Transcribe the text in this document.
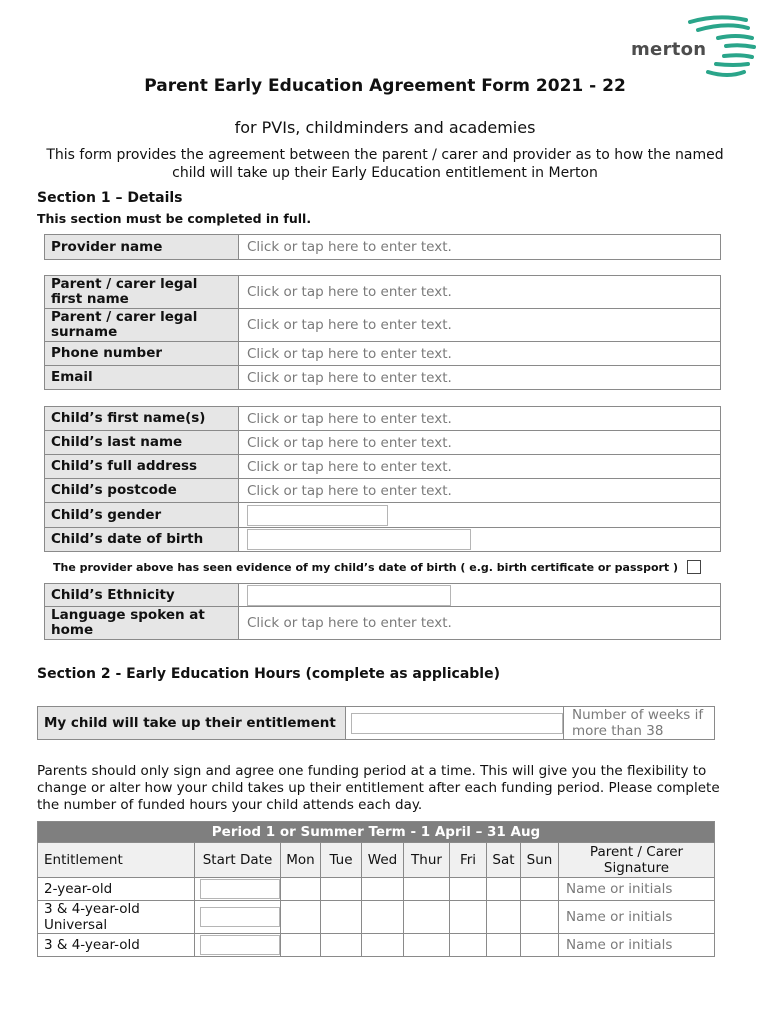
merton
Parent Early Education Agreement Form 2021 - 22
for PVIs, childminders and academies
This form provides the agreement between the parent / carer and provider as to how the named child will take up their Early Education entitlement in Merton
Section 1 – Details
This section must be completed in full.
Provider name	Click or tap here to enter text.
Parent / carer legal first name	Click or tap here to enter text.
Parent / carer legal surname	Click or tap here to enter text.
Phone number	Click or tap here to enter text.
Email	Click or tap here to enter text.
Child’s first name(s)	Click or tap here to enter text.
Child’s last name	Click or tap here to enter text.
Child’s full address	Click or tap here to enter text.
Child’s postcode	Click or tap here to enter text.
Child’s gender	
Child’s date of birth	
The provider above has seen evidence of my child’s date of birth ( e.g. birth certificate or passport )
Child’s Ethnicity	
Language spoken at home	Click or tap here to enter text.
Section 2 - Early Education Hours (complete as applicable)
My child will take up their entitlement		Number of weeks if more than 38
Parents should only sign and agree one funding period at a time. This will give you the flexibility to change or alter how your child takes up their entitlement after each funding period. Please complete the number of funded hours your child attends each day.
Period 1 or Summer Term - 1 April – 31 Aug									
Entitlement	Start Date	Mon	Tue	Wed	Thur	Fri	Sat	Sun	Parent / Carer Signature
2-year-old									Name or initials
3 & 4-year-old Universal									Name or initials
3 & 4-year-old									Name or initials
